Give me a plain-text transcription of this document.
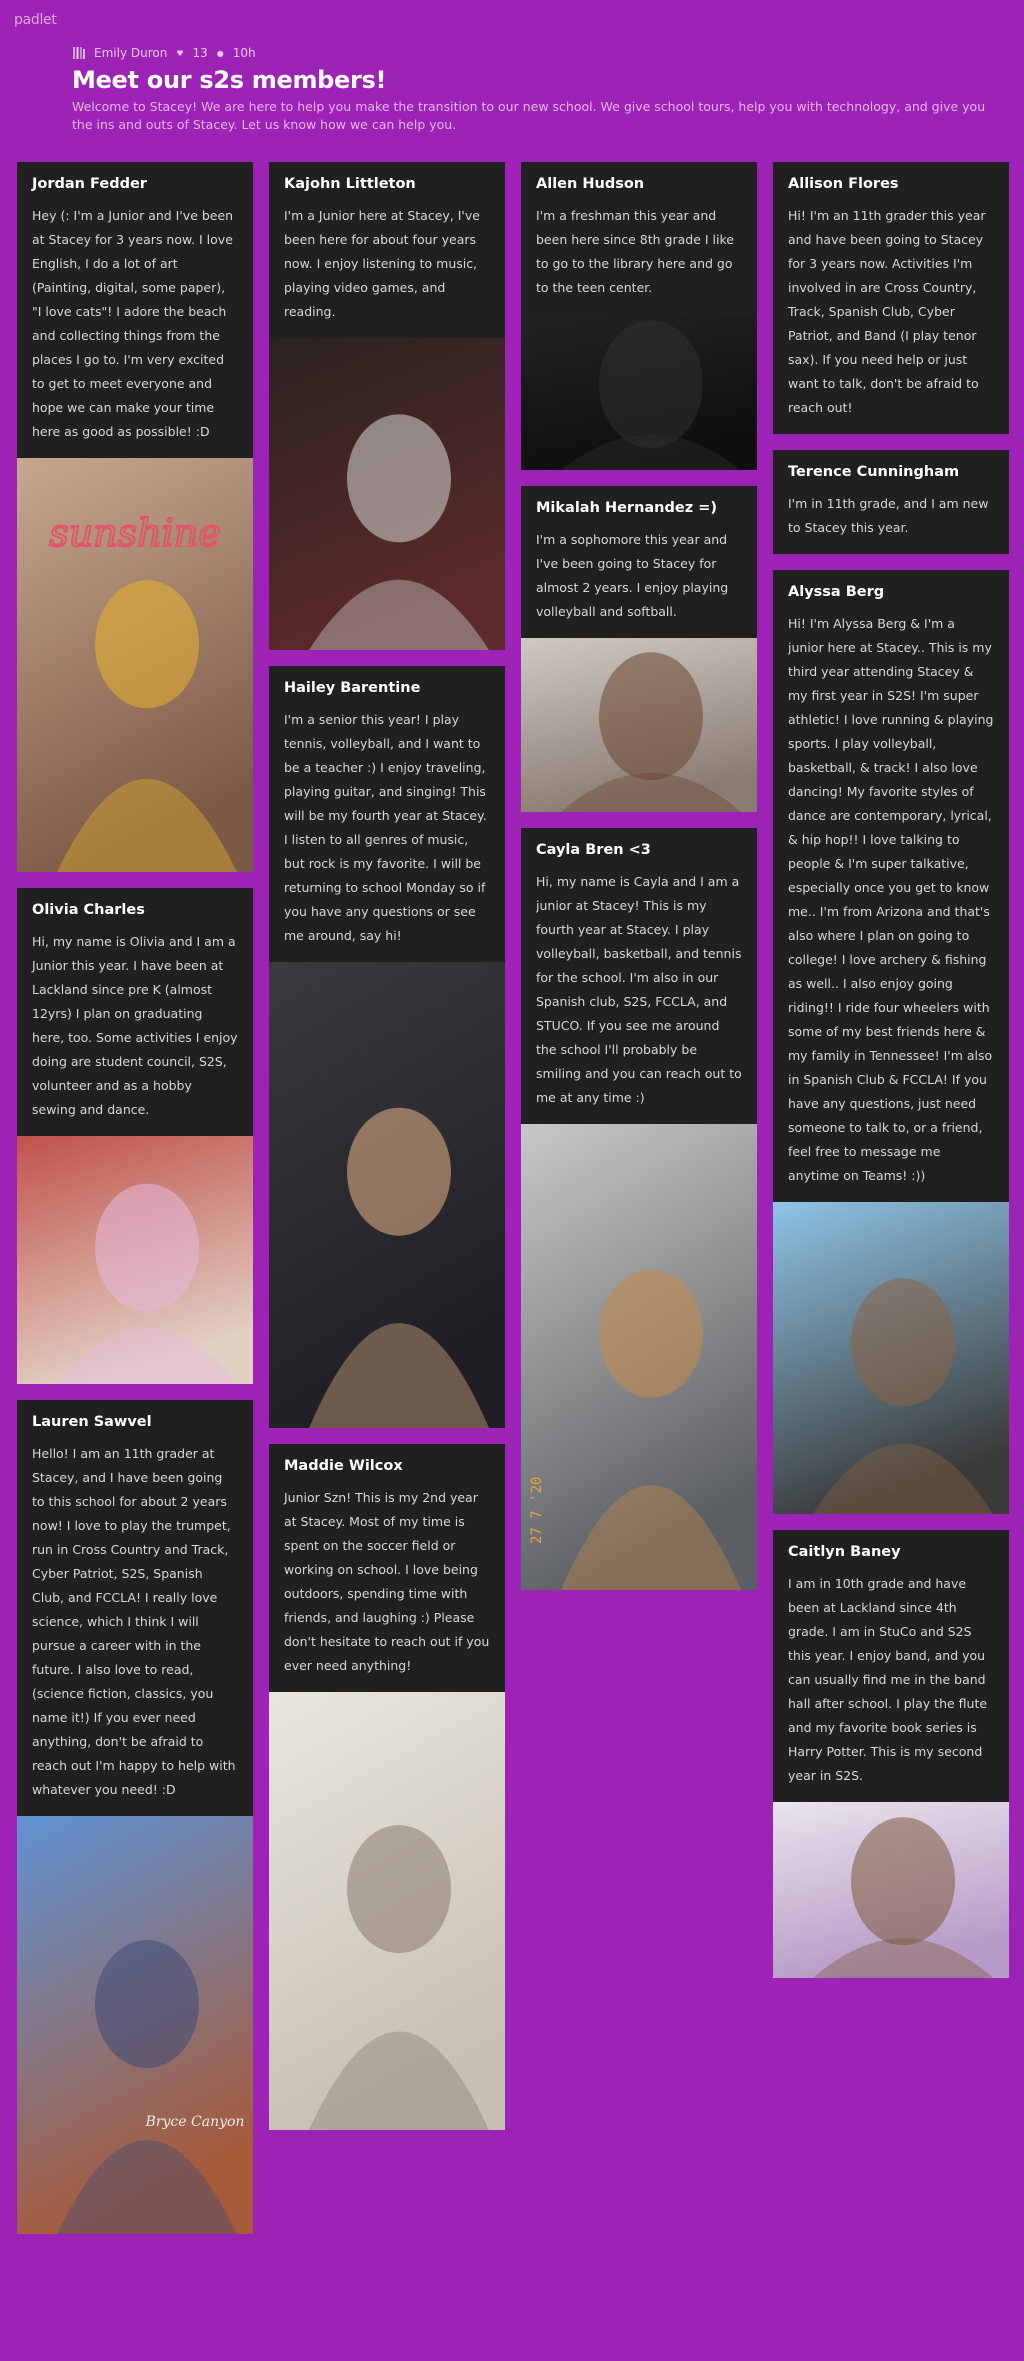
padlet
Emily Duron ♥ 13 ● 10h
Meet our s2s members!
Welcome to Stacey! We are here to help you make the transition to our new school. We give school tours, help you with technology, and give you the ins and outs of Stacey. Let us know how we can help you.
Jordan Fedder

Hey (: I'm a Junior and I've been at Stacey for 3 years now. I love English, I do a lot of art (Painting, digital, some paper), "I love cats"! I adore the beach and collecting things from the places I go to. I'm very excited to get to meet everyone and hope we can make your time here as good as possible! :D

sunshine
Olivia Charles

Hi, my name is Olivia and I am a Junior this year. I have been at Lackland since pre K (almost 12yrs) I plan on graduating here, too. Some activities I enjoy doing are student council, S2S, volunteer and as a hobby sewing and dance.

Lauren Sawvel

Hello! I am an 11th grader at Stacey, and I have been going to this school for about 2 years now! I love to play the trumpet, run in Cross Country and Track, Cyber Patriot, S2S, Spanish Club, and FCCLA! I really love science, which I think I will pursue a career with in the future. I also love to read, (science fiction, classics, you name it!) If you ever need anything, don't be afraid to reach out I'm happy to help with whatever you need! :D

Bryce Canyon
Kajohn Littleton

I'm a Junior here at Stacey, I've been here for about four years now. I enjoy listening to music, playing video games, and reading.

Hailey Barentine

I'm a senior this year! I play tennis, volleyball, and I want to be a teacher :) I enjoy traveling, playing guitar, and singing! This will be my fourth year at Stacey. I listen to all genres of music, but rock is my favorite. I will be returning to school Monday so if you have any questions or see me around, say hi!

Maddie Wilcox

Junior Szn! This is my 2nd year at Stacey. Most of my time is spent on the soccer field or working on school. I love being outdoors, spending time with friends, and laughing :) Please don't hesitate to reach out if you ever need anything!

Allen Hudson

I'm a freshman this year and been here since 8th grade I like to go to the library here and go to the teen center.

Mikalah Hernandez =)

I'm a sophomore this year and I've been going to Stacey for almost 2 years. I enjoy playing volleyball and softball.

Cayla Bren <3

Hi, my name is Cayla and I am a junior at Stacey! This is my fourth year at Stacey. I play volleyball, basketball, and tennis for the school. I'm also in our Spanish club, S2S, FCCLA, and STUCO. If you see me around the school I'll probably be smiling and you can reach out to me at any time :)

27 7 '20
Allison Flores

Hi! I'm an 11th grader this year and have been going to Stacey for 3 years now. Activities I'm involved in are Cross Country, Track, Spanish Club, Cyber Patriot, and Band (I play tenor sax). If you need help or just want to talk, don't be afraid to reach out!

Terence Cunningham

I'm in 11th grade, and I am new to Stacey this year.

Alyssa Berg

Hi! I'm Alyssa Berg & I'm a junior here at Stacey.. This is my third year attending Stacey & my first year in S2S! I'm super athletic! I love running & playing sports. I play volleyball, basketball, & track! I also love dancing! My favorite styles of dance are contemporary, lyrical, & hip hop!! I love talking to people & I'm super talkative, especially once you get to know me.. I'm from Arizona and that's also where I plan on going to college! I love archery & fishing as well.. I also enjoy going riding!! I ride four wheelers with some of my best friends here & my family in Tennessee! I'm also in Spanish Club & FCCLA! If you have any questions, just need someone to talk to, or a friend, feel free to message me anytime on Teams! :))

Caitlyn Baney

I am in 10th grade and have been at Lackland since 4th grade. I am in StuCo and S2S this year. I enjoy band, and you can usually find me in the band hall after school. I play the flute and my favorite book series is Harry Potter. This is my second year in S2S.
